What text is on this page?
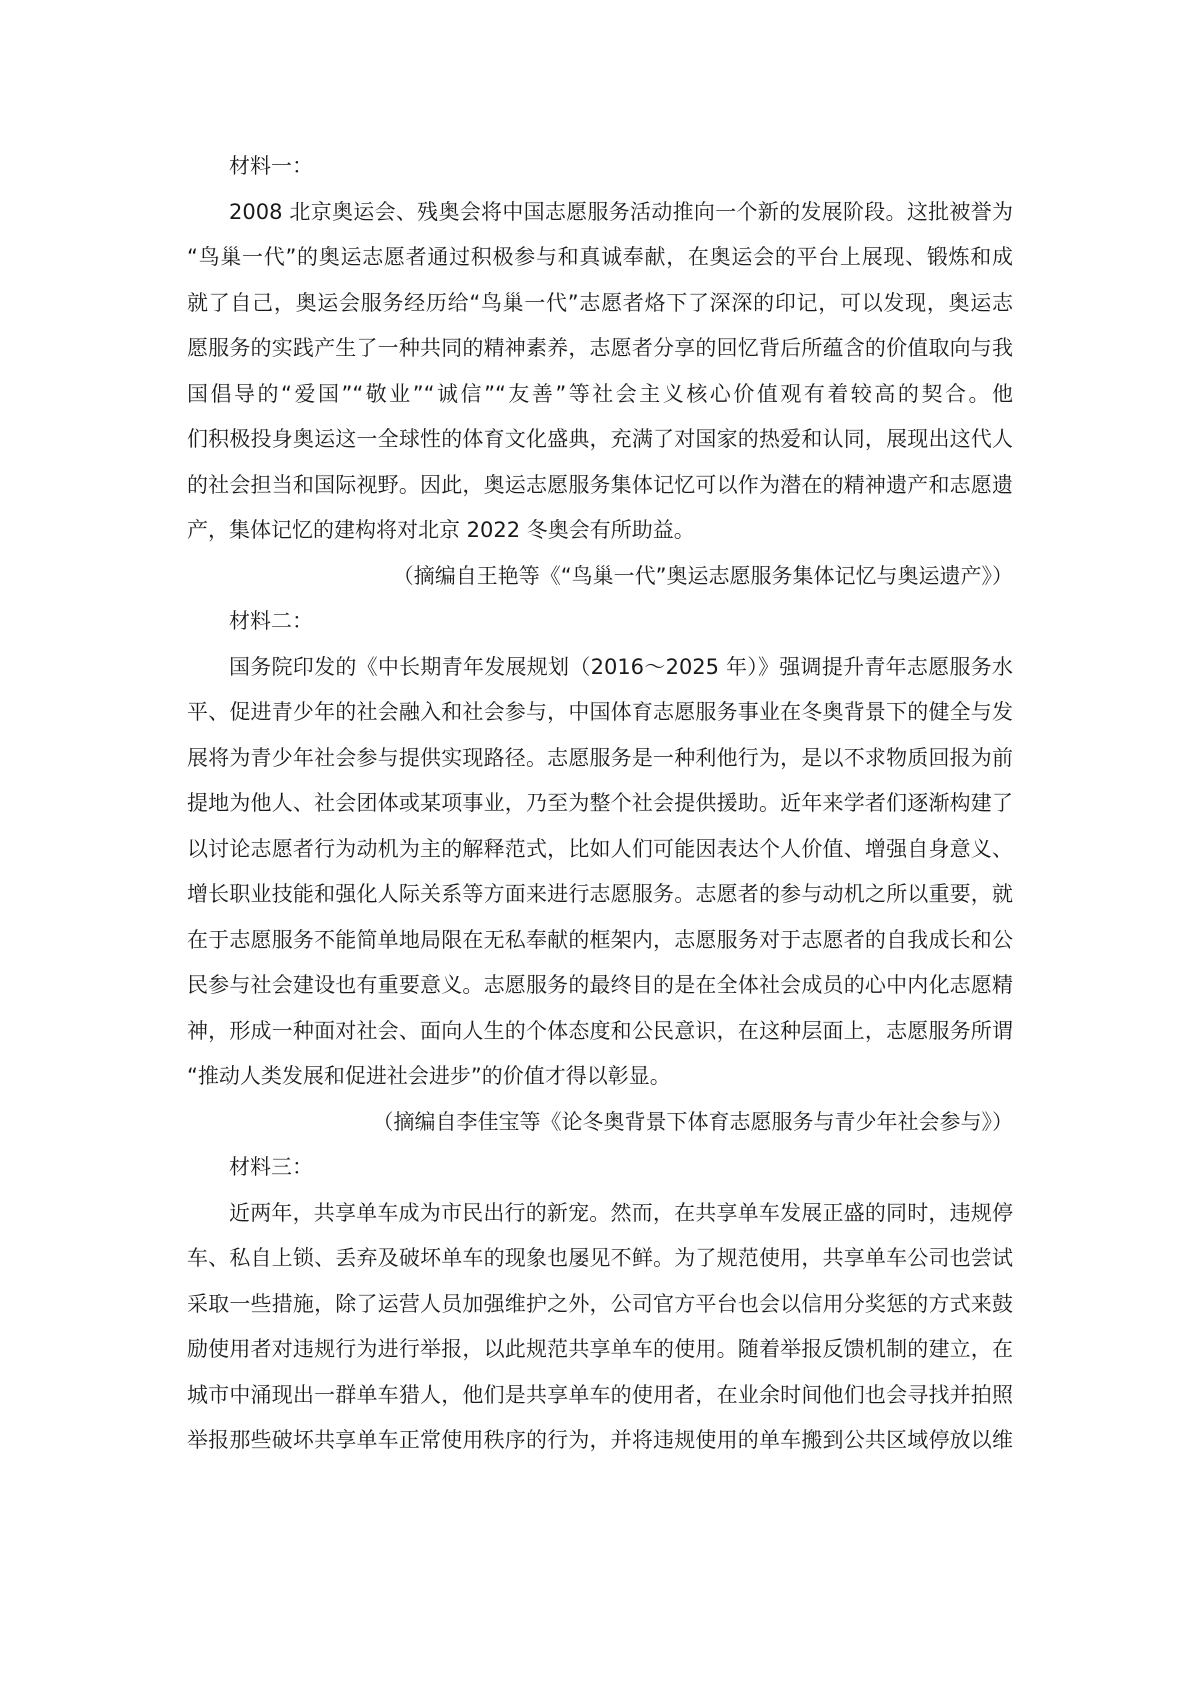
材料一：
2008 北京奥运会、残奥会将中国志愿服务活动推向一个新的发展阶段。这批被誉为
“鸟巢一代”的奥运志愿者通过积极参与和真诚奉献，在奥运会的平台上展现、锻炼和成
就了自己，奥运会服务经历给“鸟巢一代”志愿者烙下了深深的印记，可以发现，奥运志
愿服务的实践产生了一种共同的精神素养，志愿者分享的回忆背后所蕴含的价值取向与我
国倡导的“爱国”“敬业”“诚信”“友善”等社会主义核心价值观有着较高的契合。他
们积极投身奥运这一全球性的体育文化盛典，充满了对国家的热爱和认同，展现出这代人
的社会担当和国际视野。因此，奥运志愿服务集体记忆可以作为潜在的精神遗产和志愿遗
产，集体记忆的建构将对北京 2022 冬奥会有所助益。
（摘编自王艳等《“鸟巢一代”奥运志愿服务集体记忆与奥运遗产》）
材料二：
国务院印发的《中长期青年发展规划（2016～2025 年）》强调提升青年志愿服务水
平、促进青少年的社会融入和社会参与，中国体育志愿服务事业在冬奥背景下的健全与发
展将为青少年社会参与提供实现路径。志愿服务是一种利他行为，是以不求物质回报为前
提地为他人、社会团体或某项事业，乃至为整个社会提供援助。近年来学者们逐渐构建了
以讨论志愿者行为动机为主的解释范式，比如人们可能因表达个人价值、增强自身意义、
增长职业技能和强化人际关系等方面来进行志愿服务。志愿者的参与动机之所以重要，就
在于志愿服务不能简单地局限在无私奉献的框架内，志愿服务对于志愿者的自我成长和公
民参与社会建设也有重要意义。志愿服务的最终目的是在全体社会成员的心中内化志愿精
神，形成一种面对社会、面向人生的个体态度和公民意识，在这种层面上，志愿服务所谓
“推动人类发展和促进社会进步”的价值才得以彰显。
（摘编自李佳宝等《论冬奥背景下体育志愿服务与青少年社会参与》）
材料三：
近两年，共享单车成为市民出行的新宠。然而，在共享单车发展正盛的同时，违规停
车、私自上锁、丢弃及破坏单车的现象也屡见不鲜。为了规范使用，共享单车公司也尝试
采取一些措施，除了运营人员加强维护之外，公司官方平台也会以信用分奖惩的方式来鼓
励使用者对违规行为进行举报，以此规范共享单车的使用。随着举报反馈机制的建立，在
城市中涌现出一群单车猎人，他们是共享单车的使用者，在业余时间他们也会寻找并拍照
举报那些破坏共享单车正常使用秩序的行为，并将违规使用的单车搬到公共区域停放以维
